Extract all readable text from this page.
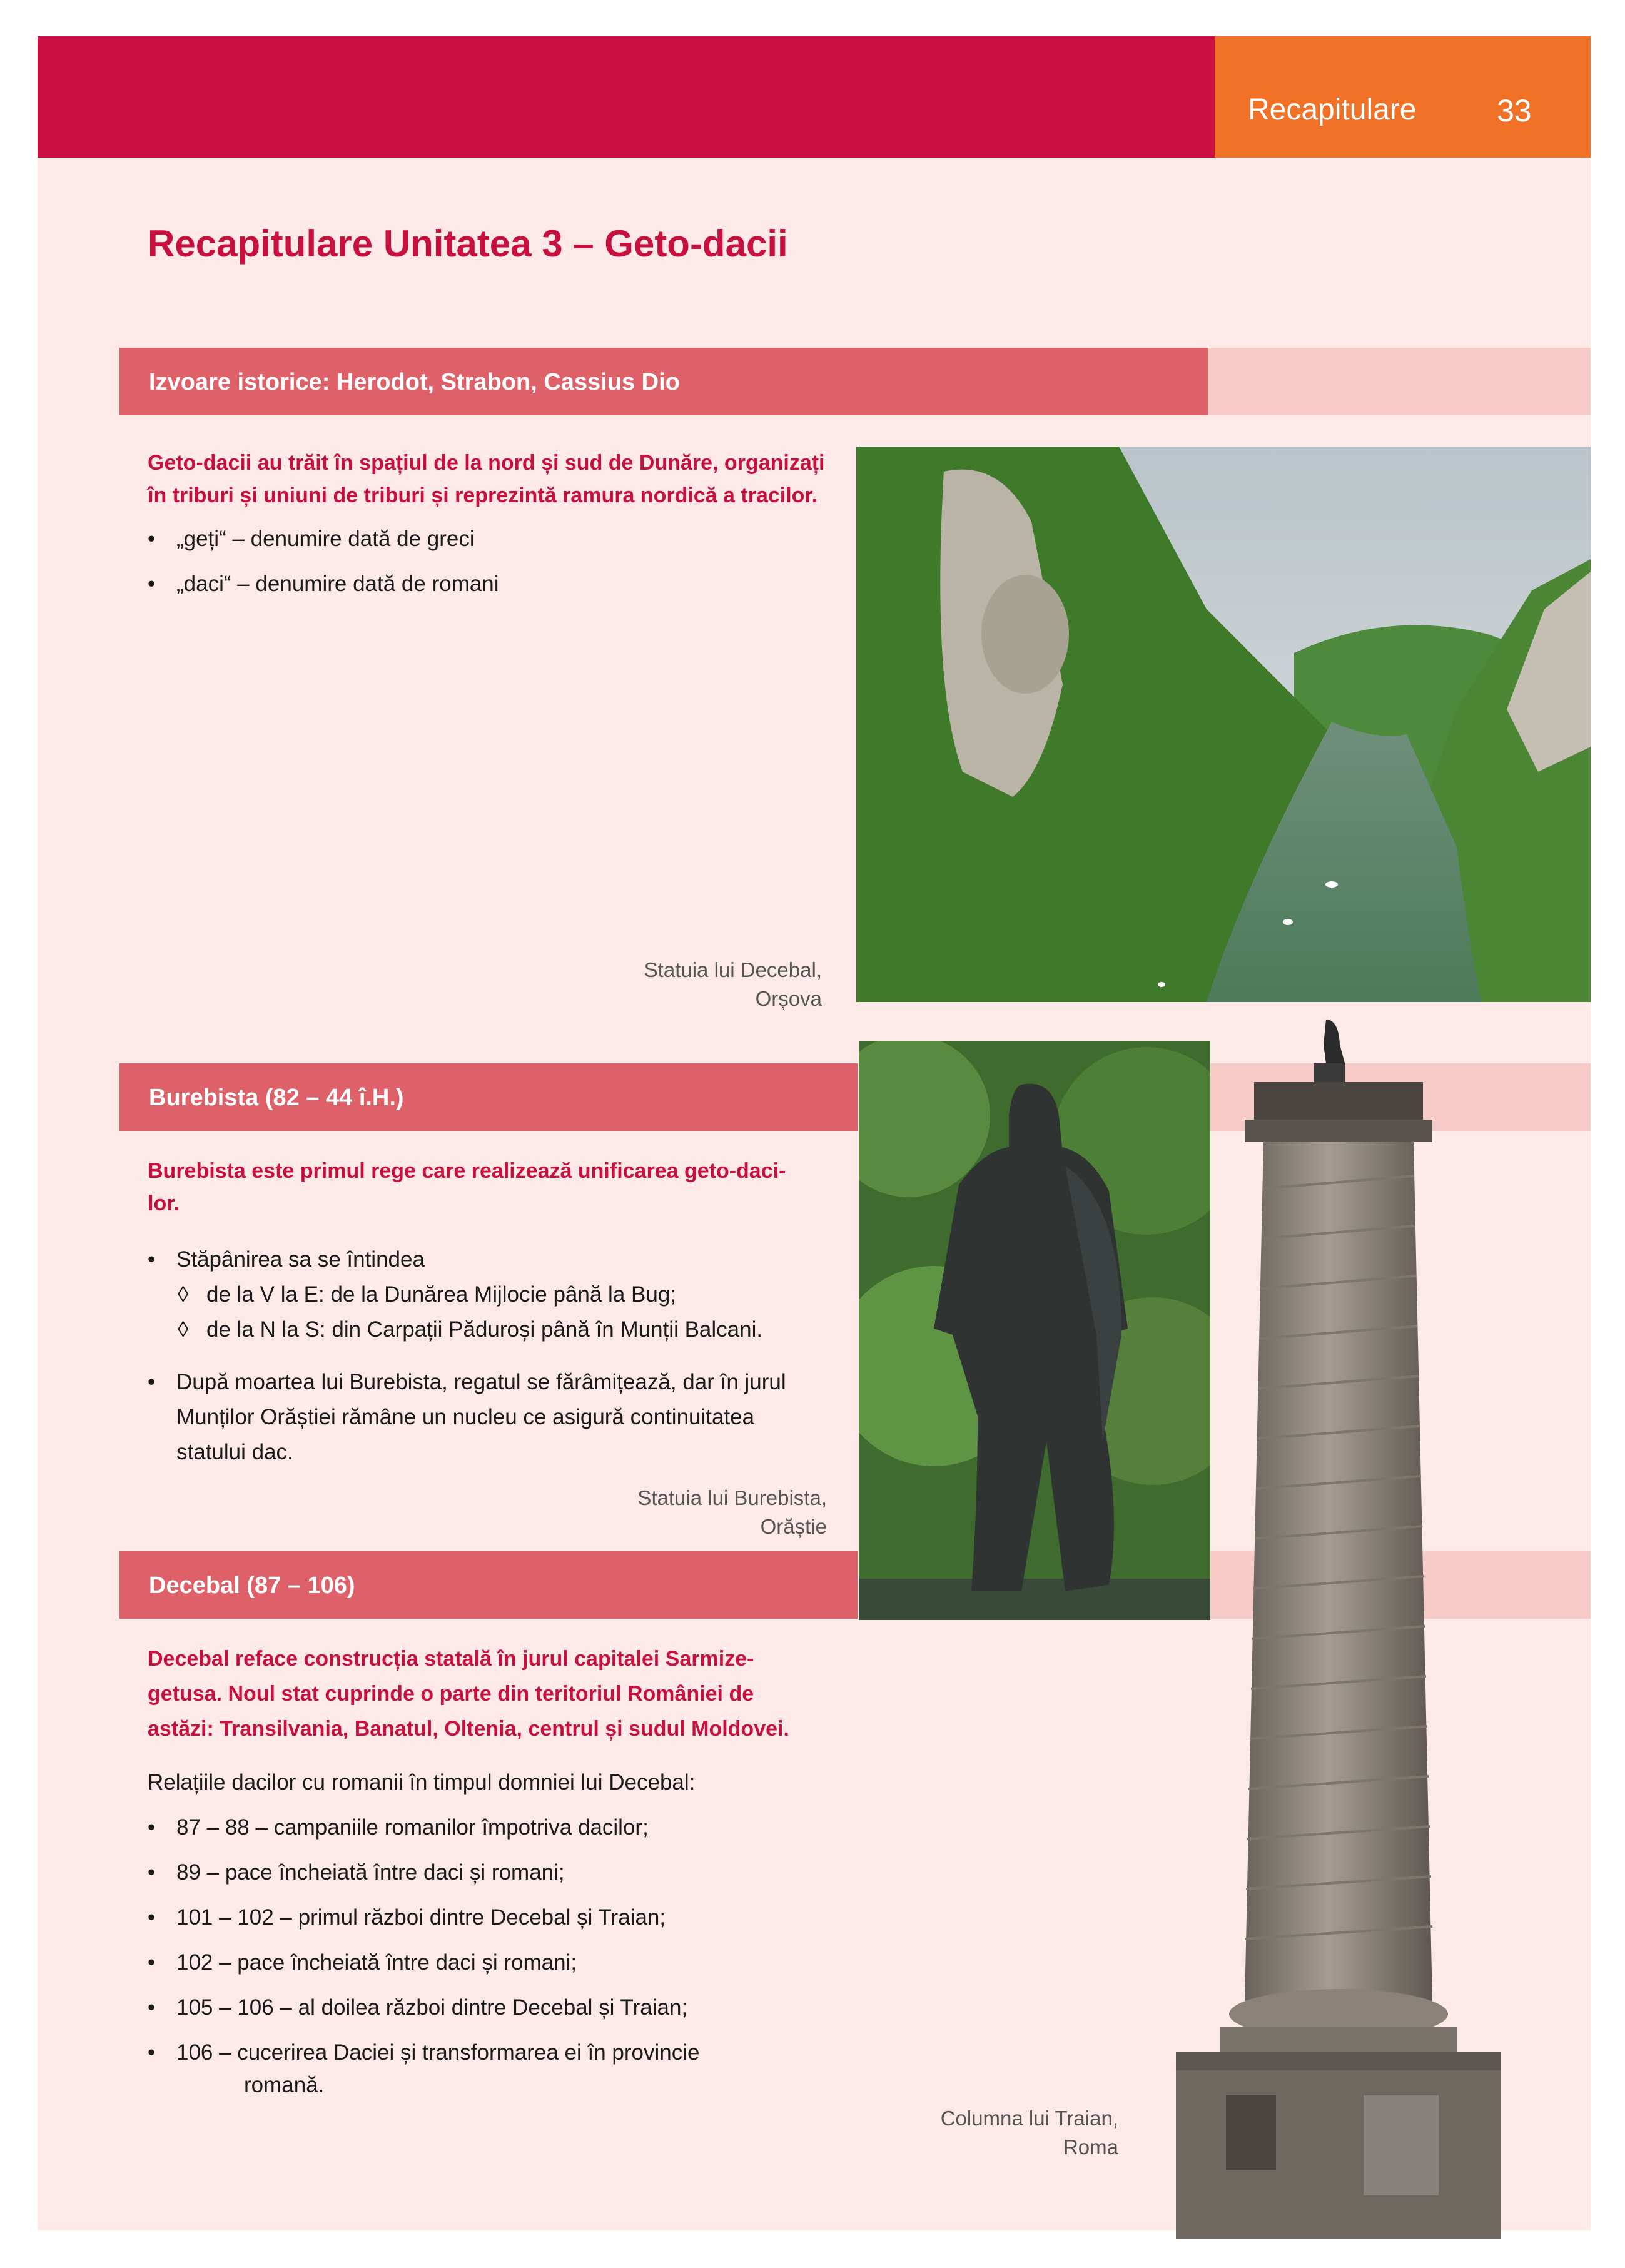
Recapitulare	33
Recapitulare Unitatea 3 – Geto-dacii
Izvoare istorice: Herodot, Strabon, Cassius Dio
Geto-dacii au trăit în spațiul de la nord și sud de Dunăre, organizați
în triburi și uniuni de triburi și reprezintă ramura nordică a tracilor.
• „geți“ – denumire dată de greci
• „daci“ – denumire dată de romani
Statuia lui Decebal,
Orșova
Burebista (82 – 44 î.H.)
Burebista este primul rege care realizează unificarea geto-daci-
lor.
• Stăpânirea sa se întindea
◊ de la V la E: de la Dunărea Mijlocie până la Bug;
◊ de la N la S: din Carpații Păduroși până în Munții Balcani.
• După moartea lui Burebista, regatul se fărâmițează, dar în jurul
Munților Orăștiei rămâne un nucleu ce asigură continuitatea
statului dac.
Statuia lui Burebista,
Orăștie
Decebal (87 – 106)
Decebal reface construcția statală în jurul capitalei Sarmize-
getusa. Noul stat cuprinde o parte din teritoriul României de
astăzi: Transilvania, Banatul, Oltenia, centrul și sudul Moldovei.
Relațiile dacilor cu romanii în timpul domniei lui Decebal:
• 87 – 88 – campaniile romanilor împotriva dacilor;
• 89 – pace încheiată între daci și romani;
• 101 – 102 – primul război dintre Decebal și Traian;
• 102 – pace încheiată între daci și romani;
• 105 – 106 – al doilea război dintre Decebal și Traian;
• 106 – cucerirea Daciei și transformarea ei în provincie
romană.
Columna lui Traian,
Roma
